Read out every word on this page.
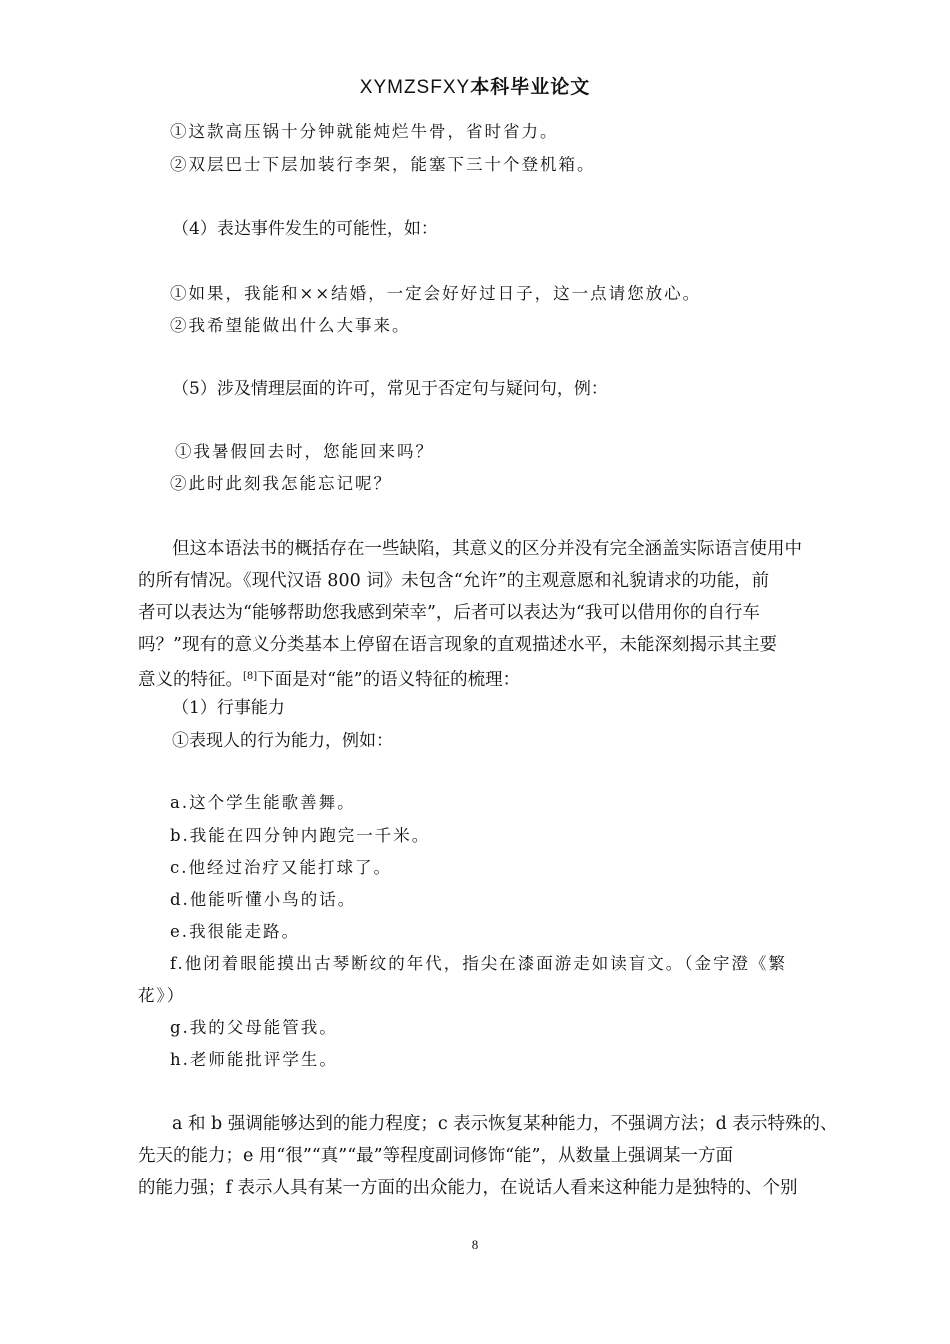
XYMZSFXY本科毕业论文
①这款高压锅十分钟就能炖烂牛骨，省时省力。
②双层巴士下层加装行李架，能塞下三十个登机箱。
（4）表达事件发生的可能性，如：
①如果，我能和××结婚，一定会好好过日子，这一点请您放心。
②我希望能做出什么大事来。
（5）涉及情理层面的许可，常见于否定句与疑问句，例：
①我暑假回去时，您能回来吗？
②此时此刻我怎能忘记呢？
但这本语法书的概括存在一些缺陷，其意义的区分并没有完全涵盖实际语言使用中
的所有情况。《现代汉语 800 词》未包含“允许”的主观意愿和礼貌请求的功能，前
者可以表达为“能够帮助您我感到荣幸”，后者可以表达为“我可以借用你的自行车
吗？”现有的意义分类基本上停留在语言现象的直观描述水平，未能深刻揭示其主要
意义的特征。[8]下面是对“能”的语义特征的梳理：
（1）行事能力
①表现人的行为能力，例如：
a.这个学生能歌善舞。
b.我能在四分钟内跑完一千米。
c.他经过治疗又能打球了。
d.他能听懂小鸟的话。
e.我很能走路。
f.他闭着眼能摸出古琴断纹的年代，指尖在漆面游走如读盲文。（金宇澄《繁
花》）
g.我的父母能管我。
h.老师能批评学生。
a 和 b 强调能够达到的能力程度；c 表示恢复某种能力，不强调方法；d 表示特殊的、
先天的能力；e 用“很”“真”“最”等程度副词修饰“能”，从数量上强调某一方面
的能力强；f 表示人具有某一方面的出众能力，在说话人看来这种能力是独特的、个别
8
